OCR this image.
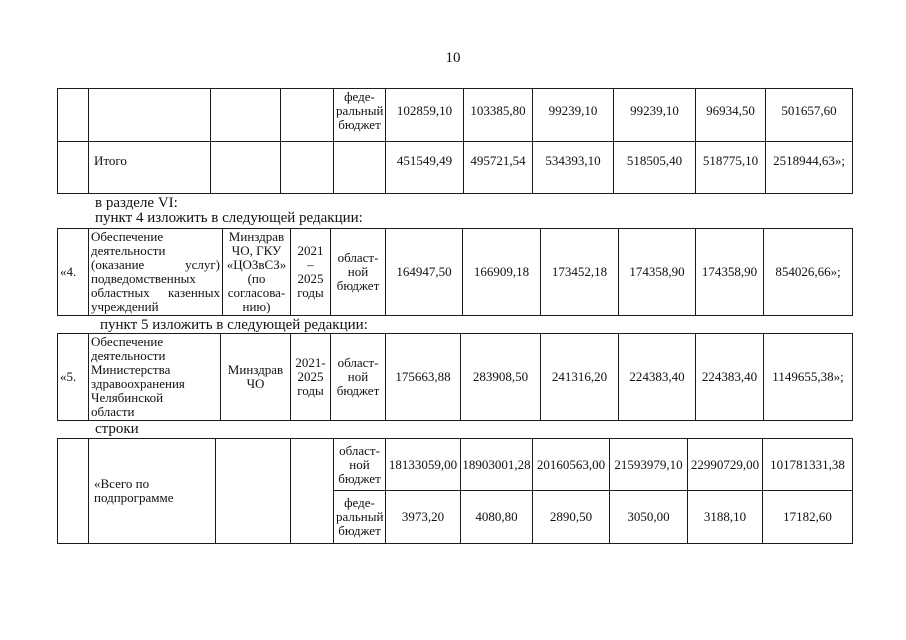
10
				феде-
ральный
бюджет	102859,10	103385,80	99239,10	99239,10	96934,50	501657,60
	Итого				451549,49	495721,54	534393,10	518505,40	518775,10	2518944,63»;
в разделе VI:
пункт 4 изложить в следующей редакции:
«4.	Обеспечение
деятельности
(оказание услуг)
подведомственных
областных казенных
учреждений	Минздрав
ЧО, ГКУ
«ЦОЗвСЗ»
(по
согласова-
нию)	2021 –
2025
годы	област-
ной
бюджет	164947,50	166909,18	173452,18	174358,90	174358,90	854026,66»;
пункт 5 изложить в следующей редакции:
«5.	Обеспечение
деятельности
Министерства
здравоохранения
Челябинской
области	Минздрав
ЧО	2021-
2025
годы	област-
ной
бюджет	175663,88	283908,50	241316,20	224383,40	224383,40	1149655,38»;
строки
	«Всего по
подпрограмме			област-
ной
бюджет	18133059,00	18903001,28	20160563,00	21593979,10	22990729,00	101781331,38
				феде-
ральный
бюджет	3973,20	4080,80	2890,50	3050,00	3188,10	17182,60
